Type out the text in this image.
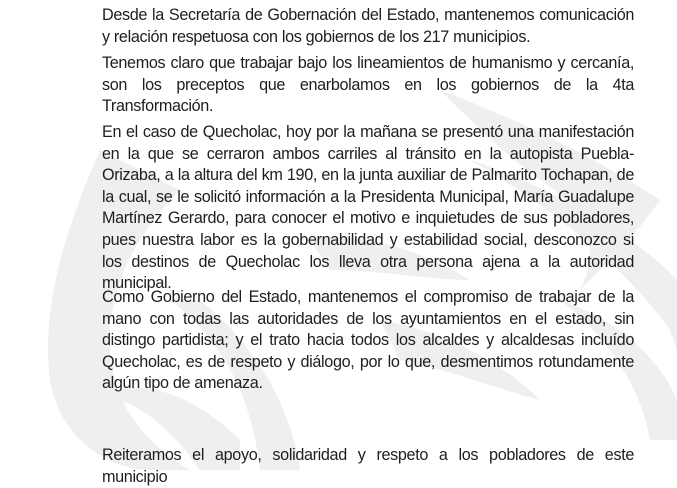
Desde la Secretaría de Gobernación del Estado, mantenemos comunicación y relación respetuosa con los gobiernos de los 217 municipios.

Tenemos claro que trabajar bajo los lineamientos de humanismo y cercanía, son los preceptos que enarbolamos en los gobiernos de la 4ta Transformación.

En el caso de Quecholac, hoy por la mañana se presentó una manifestación en la que se cerraron ambos carriles al tránsito en la autopista Puebla-Orizaba, a la altura del km 190, en la junta auxiliar de Palmarito Tochapan, de la cual, se le solicitó información a la Presidenta Municipal, María Guadalupe Martínez Gerardo, para conocer el motivo e inquietudes de sus pobladores, pues nuestra labor es la gobernabilidad y estabilidad social, desconozco si los destinos de Quecholac los lleva otra persona ajena a la autoridad municipal.

Como Gobierno del Estado, mantenemos el compromiso de trabajar de la mano con todas las autoridades de los ayuntamientos en el estado, sin distingo partidista; y el trato hacia todos los alcaldes y alcaldesas incluído Quecholac, es de respeto y diálogo, por lo que, desmentimos rotundamente algún tipo de amenaza.

Reiteramos el apoyo, solidaridad y respeto a los pobladores de este municipio
